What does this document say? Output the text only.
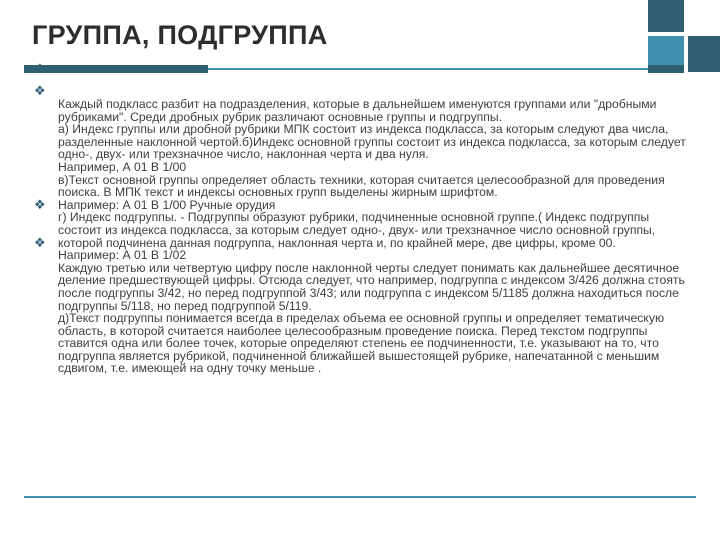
ГРУППА, ПОДГРУППА
❖
❖
❖
❖

Каждый подкласс разбит на подразделения, которые в дальнейшем именуются группами или "дробными рубриками". Среди дробных рубрик различают основные группы и подгруппы.
а) Индекс группы или дробной рубрики МПК состоит из индекса подкласса, за которым следуют два числа, разделенные наклонной чертой.б)Индекс основной группы состоит из индекса подкласса, за которым следует одно-, двух- или трехзначное число, наклонная черта и два нуля.
Например, А 01 В 1/00

в)Текст основной группы определяет область техники, которая считается целесообразной для проведения поиска. В МПК текст и индексы основных групп выделены жирным шрифтом.
Например: А 01 В 1/00 Ручные орудия

г) Индекс подгруппы. - Подгруппы образуют рубрики, подчиненные основной группе.( Индекс подгруппы состоит из индекса подкласса, за которым следует одно-, двух- или трехзначное число основной группы, которой подчинена данная подгруппа, наклонная черта и, по крайней мере, две цифры, кроме 00.
Например: А 01 В 1/02
Каждую третью или четвертую цифру после наклонной черты следует понимать как дальнейшее десятичное деление предшествующей цифры. Отсюда следует, что например, подгруппа с индексом 3/426 должна стоять после подгруппы 3/42, но перед подгруппой 3/43; или подгруппа с индексом 5/1185 должна находиться после подгруппы 5/118, но перед подгруппой 5/119.
д)Текст подгруппы понимается всегда в пределах объема ее основной группы и определяет тематическую область, в которой считается наиболее целесообразным проведение поиска. Перед текстом подгруппы ставится одна или более точек, которые определяют степень ее подчиненности, т.е. указывают на то, что подгруппа является рубрикой, подчиненной ближайшей вышестоящей рубрике, напечатанной с меньшим сдвигом, т.е. имеющей на одну точку меньше .
